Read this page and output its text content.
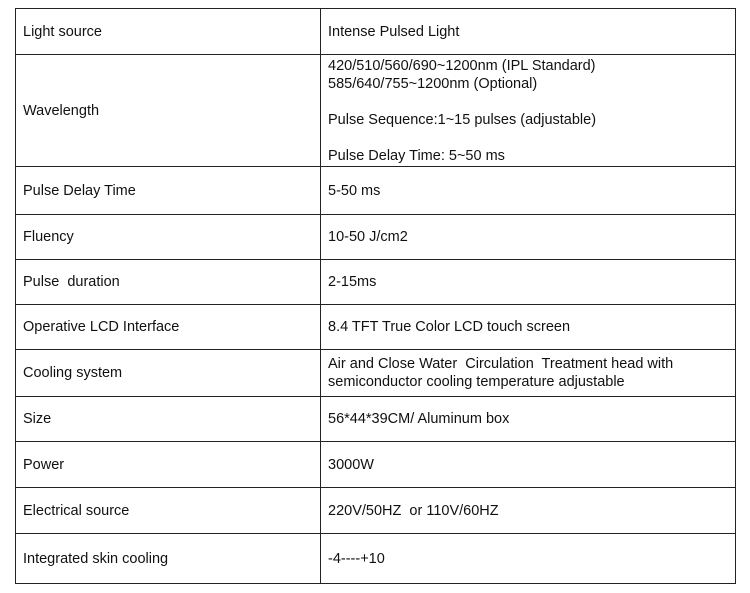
Light source	Intense Pulsed Light
Wavelength	420/510/560/690~1200nm (IPL Standard)
585/640/755~1200nm (Optional)
Pulse Sequence:1~15 pulses (adjustable)
Pulse Delay Time: 5~50 ms

Pulse Delay Time	5-50 ms
Fluency	10-50 J/cm2
Pulse  duration	2-15ms
Operative LCD Interface	8.4 TFT True Color LCD touch screen
Cooling system	Air and Close Water  Circulation  Treatment head with
semiconductor cooling temperature adjustable

Size	56*44*39CM/ Aluminum box
Power	3000W
Electrical source	220V/50HZ  or 110V/60HZ
Integrated skin cooling	-4----+10
